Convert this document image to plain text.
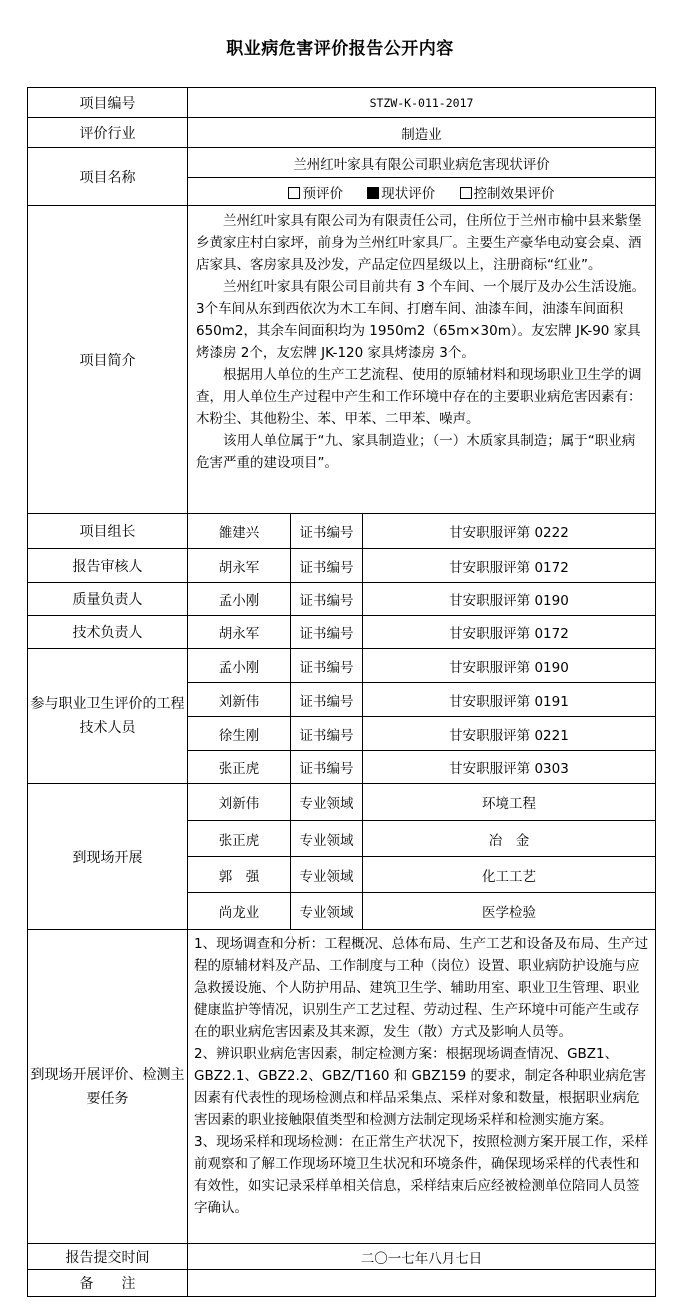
职业病危害评价报告公开内容
项目编号	STZW-K-011-2017		
评价行业	制造业		
项目名称	兰州红叶家具有限公司职业病危害现状评价		
	预评价 现状评价 控制效果评价		
项目简介	兰州红叶家具有限公司为有限责任公司，住所位于兰州市榆中县来紫堡乡黄家庄村白家坪，前身为兰州红叶家具厂。主要生产豪华电动宴会桌、酒店家具、客房家具及沙发，产品定位四星级以上，注册商标“红业”。

兰州红叶家具有限公司目前共有 3 个车间、一个展厅及办公生活设施。3个车间从东到西依次为木工车间、打磨车间、油漆车间，油漆车间面积650m2，其余车间面积均为 1950m2（65m×30m）。友宏牌 JK-90 家具烤漆房 2个，友宏牌 JK-120 家具烤漆房 3个。

根据用人单位的生产工艺流程、使用的原辅材料和现场职业卫生学的调查，用人单位生产过程中产生和工作环境中存在的主要职业病危害因素有：木粉尘、其他粉尘、苯、甲苯、二甲苯、噪声。

该用人单位属于“九、家具制造业；（一）木质家具制造；属于“职业病危害严重的建设项目”。		

项目组长	雒建兴	证书编号	甘安职服评第 0222
报告审核人	胡永军	证书编号	甘安职服评第 0172
质量负责人	孟小刚	证书编号	甘安职服评第 0190
技术负责人	胡永军	证书编号	甘安职服评第 0172
参与职业卫生评价的工程技术人员	孟小刚	证书编号	甘安职服评第 0190
	刘新伟	证书编号	甘安职服评第 0191
	徐生刚	证书编号	甘安职服评第 0221
	张正虎	证书编号	甘安职服评第 0303
到现场开展	刘新伟	专业领域	环境工程
	张正虎	专业领域	冶　金
	郭　强	专业领域	化工工艺
	尚龙业	专业领域	医学检验
到现场开展评价、检测主要任务	1、现场调查和分析：工程概况、总体布局、生产工艺和设备及布局、生产过程的原辅材料及产品、工作制度与工种（岗位）设置、职业病防护设施与应急救援设施、个人防护用品、建筑卫生学、辅助用室、职业卫生管理、职业健康监护等情况，识别生产工艺过程、劳动过程、生产环境中可能产生或存在的职业病危害因素及其来源，发生（散）方式及影响人员等。

2、辨识职业病危害因素，制定检测方案：根据现场调查情况、GBZ1、GBZ2.1、GBZ2.2、GBZ/T160 和 GBZ159 的要求，制定各种职业病危害因素有代表性的现场检测点和样品采集点、采样对象和数量，根据职业病危害因素的职业接触限值类型和检测方法制定现场采样和检测实施方案。

3、现场采样和现场检测：在正常生产状况下，按照检测方案开展工作，采样前观察和了解工作现场环境卫生状况和环境条件，确保现场采样的代表性和有效性，如实记录采样单相关信息，采样结束后应经被检测单位陪同人员签字确认。		

报告提交时间	二〇一七年八月七日		
备　　注			
